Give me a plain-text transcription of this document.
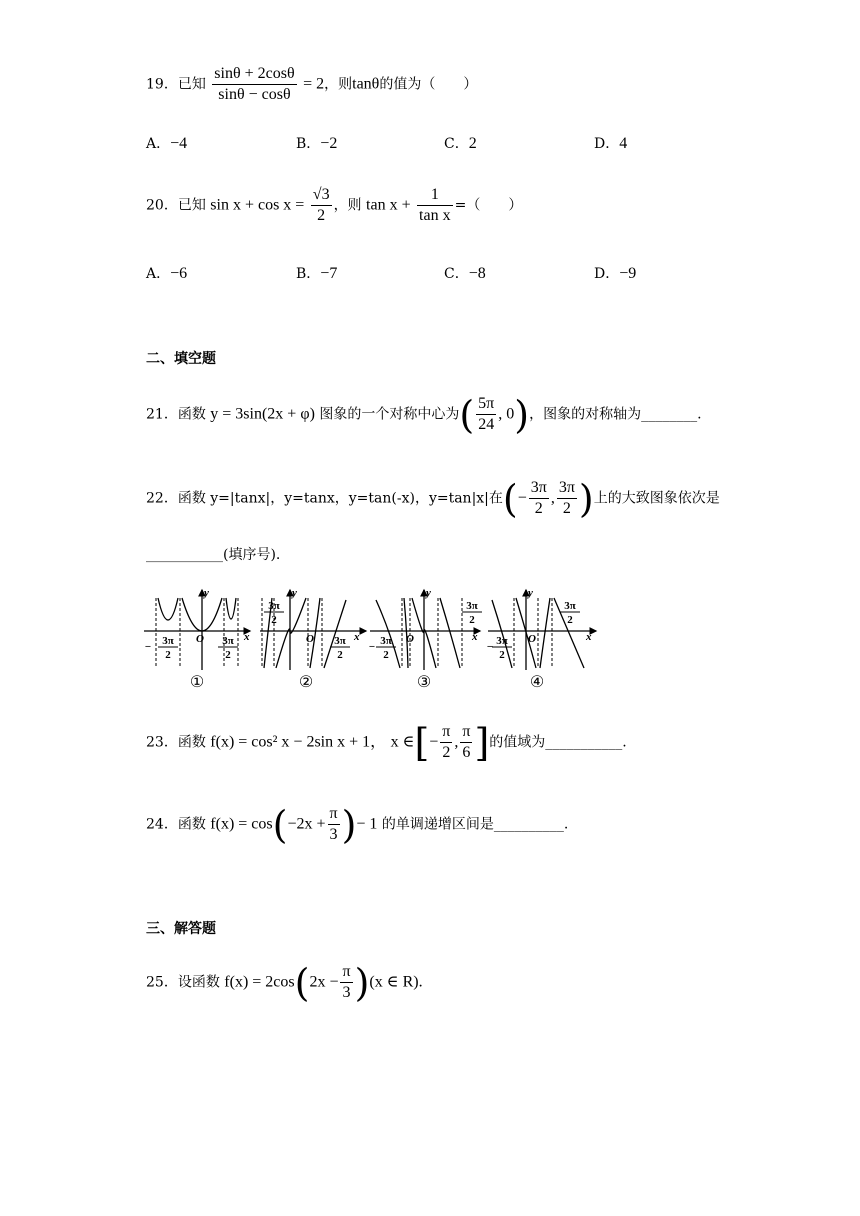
19．已知 $\frac{\sin\theta + 2\cos\theta}{\sin\theta - \cos\theta} = 2$，则tanθ的值为（　　）
A．−4	B．−2	C．2	D．4
20．已知 $\sin x + \cos x = \frac{√3}{2}$ ，则 $\tan x + \frac{1}{\text{tan x}}$ =（　　）
A．−6	B．−7	C．−8	D．−9
二、填空题
21．函数 y = 3sin(2x + φ) 图象的一个对称中心为( $\frac{5\pi}{24}$ , 0)，图象的对称轴为________.
22．函数 y=|tanx|，y=tanx，y=tan(-x)，y=tan|x|在(− $\frac{3\pi}{2}$ , $\frac{3\pi}{2}$ )上的大致图象依次是
___________(填序号).
y
x
O
y
x
O
y
x
O
y
x
O
− 3π
2
3π
2
3π
2
3π
2
− 3π
2
3π
2
− 3π
2
3π
2
①	②	③	④
23．函数 f(x) = cos² x − 2sin x + 1， x ∈[− $\frac{\pi}{2}$ , $\frac{\pi}{6}$ ]的值域为___________.
24．函数 $f(x) = \cos(-2x + \frac{\pi}{3}$ )− 1 的单调递增区间是__________.
三、解答题
25．设函数 $f(x) = 2\cos(2x - \frac{\pi}{3} )(x$ ∈ R).
